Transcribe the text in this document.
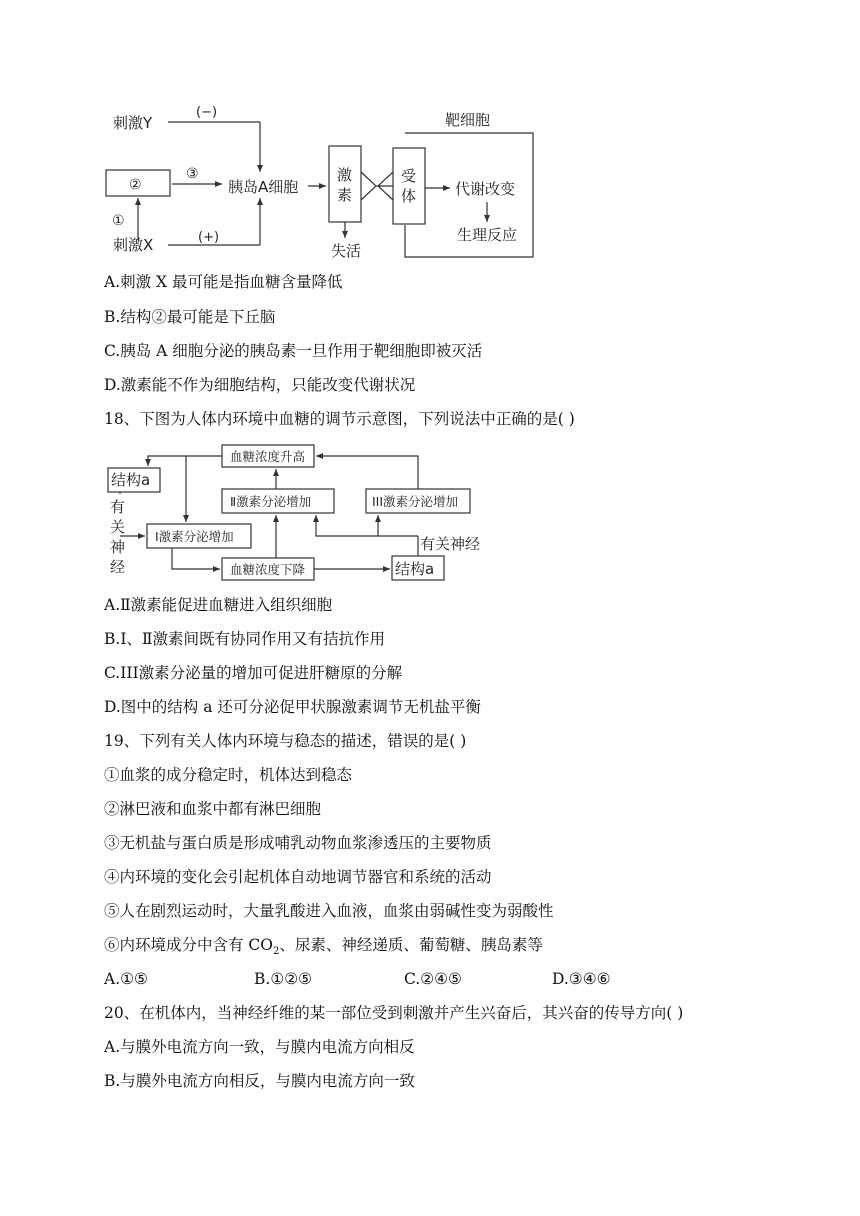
刺激Y
(−)
③
②	胰岛A细胞
①
刺激X	(+)
激
素
失活
靶细胞
受
体	代谢改变
生理反应
A.刺激 X 最可能是指血糖含量降低
B.结构②最可能是下丘脑
C.胰岛 A 细胞分泌的胰岛素一旦作用于靶细胞即被灭活
D.激素能不作为细胞结构，只能改变代谢状况
18、下图为人体内环境中血糖的调节示意图，下列说法中正确的是( )
血糖浓度升高
结构a
Ⅱ激素分泌增加	III激素分泌增加
Ⅰ激素分泌增加
血糖浓度下降	结构a
有关神经
有
关
神
经
A.Ⅱ激素能促进血糖进入组织细胞
B.Ⅰ、Ⅱ激素间既有协同作用又有拮抗作用
C.III激素分泌量的增加可促进肝糖原的分解
D.图中的结构 a 还可分泌促甲状腺激素调节无机盐平衡
19、下列有关人体内环境与稳态的描述，错误的是( )
①血浆的成分稳定时，机体达到稳态
②淋巴液和血浆中都有淋巴细胞
③无机盐与蛋白质是形成哺乳动物血浆渗透压的主要物质
④内环境的变化会引起机体自动地调节器官和系统的活动
⑤人在剧烈运动时，大量乳酸进入血液，血浆由弱碱性变为弱酸性
⑥内环境成分中含有 $CO_2$、尿素、神经递质、葡萄糖、胰岛素等
A.①⑤	B.①②⑤	C.②④⑤	D.③④⑥
20、在机体内，当神经纤维的某一部位受到刺激并产生兴奋后，其兴奋的传导方向( )
A.与膜外电流方向一致，与膜内电流方向相反
B.与膜外电流方向相反，与膜内电流方向一致
